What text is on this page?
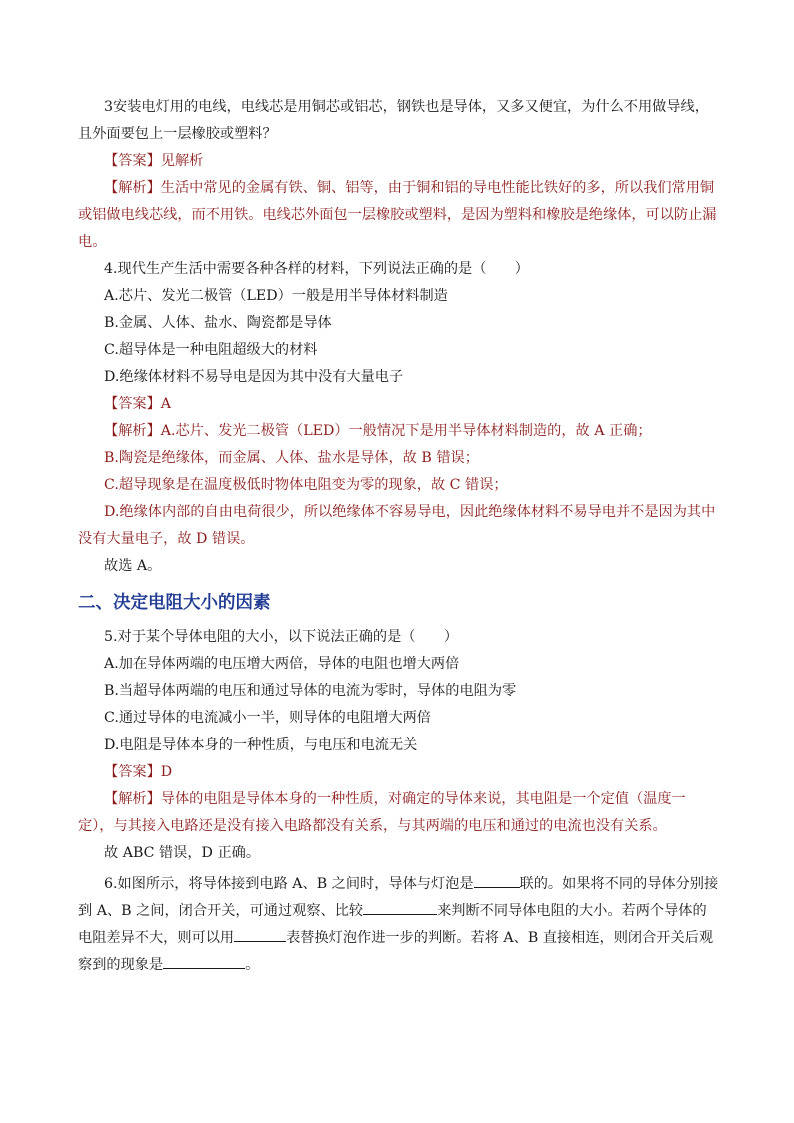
3安装电灯用的电线，电线芯是用铜芯或铝芯，钢铁也是导体，又多又便宜，为什么不用做导线，且外面要包上一层橡胶或塑料？

【答案】见解析

【解析】生活中常见的金属有铁、铜、铝等，由于铜和铝的导电性能比铁好的多，所以我们常用铜或铝做电线芯线，而不用铁。电线芯外面包一层橡胶或塑料，是因为塑料和橡胶是绝缘体，可以防止漏电。

4.现代生产生活中需要各种各样的材料，下列说法正确的是（　　）

A.芯片、发光二极管（LED）一般是用半导体材料制造

B.金属、人体、盐水、陶瓷都是导体

C.超导体是一种电阻超级大的材料

D.绝缘体材料不易导电是因为其中没有大量电子

【答案】A

【解析】A.芯片、发光二极管（LED）一般情况下是用半导体材料制造的，故 A 正确；

B.陶瓷是绝缘体，而金属、人体、盐水是导体，故 B 错误；

C.超导现象是在温度极低时物体电阻变为零的现象，故 C 错误；

D.绝缘体内部的自由电荷很少，所以绝缘体不容易导电，因此绝缘体材料不易导电并不是因为其中没有大量电子，故 D 错误。

故选 A。

二、决定电阻大小的因素

5.对于某个导体电阻的大小，以下说法正确的是（　　）

A.加在导体两端的电压增大两倍，导体的电阻也增大两倍

B.当超导体两端的电压和通过导体的电流为零时，导体的电阻为零

C.通过导体的电流减小一半，则导体的电阻增大两倍

D.电阻是导体本身的一种性质，与电压和电流无关

【答案】D

【解析】导体的电阻是导体本身的一种性质，对确定的导体来说，其电阻是一个定值（温度一定），与其接入电路还是没有接入电路都没有关系，与其两端的电压和通过的电流也没有关系。

故 ABC 错误，D 正确。

6.如图所示，将导体接到电路 A、B 之间时，导体与灯泡是	联的。如果将不同的导体分别接到 A、B 之间，闭合开关，可通过观察、比较	来判断不同导体电阻的大小。若两个导体的电阻差异不大，则可以用	表替换灯泡作进一步的判断。若将 A、B 直接相连，则闭合开关后观察到的现象是	。
